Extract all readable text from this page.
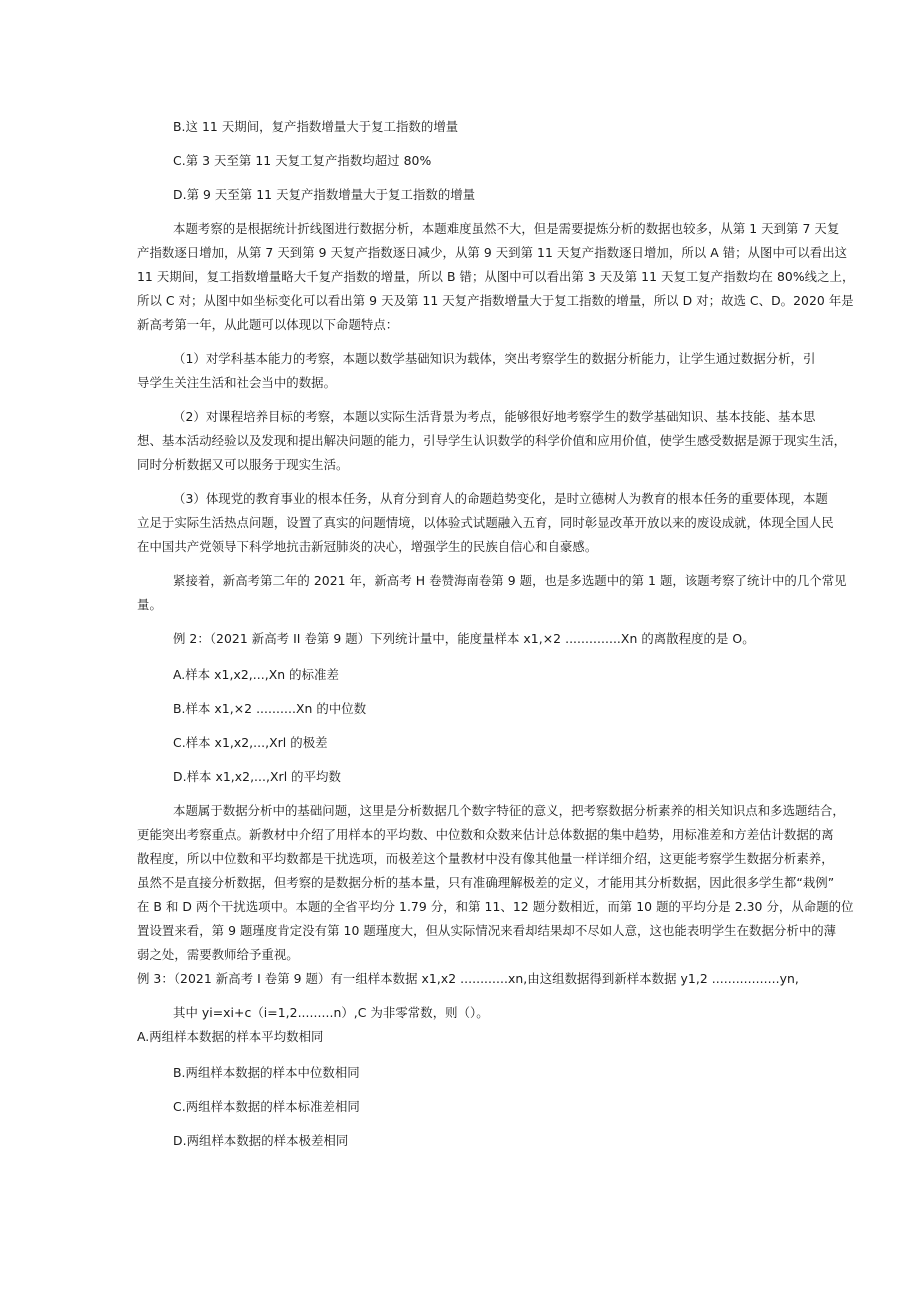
B.这 11 天期间，复产指数增量大于复工指数的增量
C.第 3 天至第 11 天复工复产指数均超过 80%
D.第 9 天至第 11 天复产指数增量大于复工指数的增量
本题考察的是根据统计折线图进行数据分析，本题难度虽然不大，但是需要提炼分析的数据也较多，从第 1 天到第 7 天复
产指数逐日增加，从第 7 天到第 9 天复产指数逐日减少，从第 9 天到第 11 天复产指数逐日增加，所以 A 错；从图中可以看出这
11 天期间，复工指数增量略大千复产指数的增量，所以 B 错；从图中可以看出第 3 天及第 11 天复工复产指数均在 80%线之上，
所以 C 对；从图中如坐标变化可以看出第 9 天及第 11 天复产指数增量大于复工指数的增量，所以 D 对；故选 C、D。2020 年是
新高考第一年，从此题可以体现以下命题特点：
（1）对学科基本能力的考察，本题以数学基础知识为载体，突出考察学生的数据分析能力，让学生通过数据分析，引
导学生关注生活和社会当中的数据。
（2）对课程培养目标的考察，本题以实际生活背景为考点，能够很好地考察学生的数学基础知识、基本技能、基本思
想、基本活动经验以及发现和提出解决问题的能力，引导学生认识数学的科学价值和应用价值，使学生感受数据是源于现实生活，
同时分析数据又可以服务于现实生活。
（3）体现党的教育事业的根本任务，从育分到育人的命题趋势变化，是时立德树人为教育的根本任务的重要体现，本题
立足于实际生活热点问题，设置了真实的问题情境，以体验式试题融入五育，同时彰显改革开放以来的废设成就，体现全国人民
在中国共产党领导下科学地抗击新冠肺炎的决心，增强学生的民族自信心和自豪感。
紧接着，新高考第二年的 2021 年，新高考 H 卷赞海南卷第 9 题，也是多选题中的第 1 题，该题考察了统计中的几个常见
量。
例 2：（2021 新高考 II 卷第 9 题）下列统计量中，能度量样本 x1,×2 ..............Xn 的离散程度的是 O。
A.样本 x1,x2,...,Xn 的标准差
B.样本 x1,×2 ..........Xn 的中位数
C.样本 x1,x2,...,Xrl 的极差
D.样本 x1,x2,...,Xrl 的平均数
本题属于数据分析中的基础问题，这里是分析数据几个数字特征的意义，把考察数据分析素养的相关知识点和多选题结合，
更能突出考察重点。新教材中介绍了用样本的平均数、中位数和众数来估计总体数据的集中趋势，用标准差和方差估计数据的离
散程度，所以中位数和平均数都是干扰选项，而极差这个量教材中没有像其他量一样详细介绍，这更能考察学生数据分析素养，
虽然不是直接分析数据，但考察的是数据分析的基本量，只有准确理解极差的定义，才能用其分析数据，因此很多学生都“栽例”
在 B 和 D 两个干扰选项中。本题的全省平均分 1.79 分，和第 11、12 题分数相近，而第 10 题的平均分是 2.30 分，从命题的位
置设置来看，第 9 题瑾度肯定没有第 10 题瑾度大，但从实际情况来看却结果却不尽如人意，这也能表明学生在数据分析中的薄
弱之处，需要教师给予重视。
例 3：（2021 新高考 I 卷第 9 题）有一组样本数据 x1,x2 ............xn,由这组数据得到新样本数据 y1,2 .................yn,
其中 yi=xi+c（i=1,2.........n）,C 为非零常数，则（）。
A.两组样本数据的样本平均数相同
B.两组样本数据的样本中位数相同
C.两组样本数据的样本标准差相同
D.两组样本数据的样本极差相同
